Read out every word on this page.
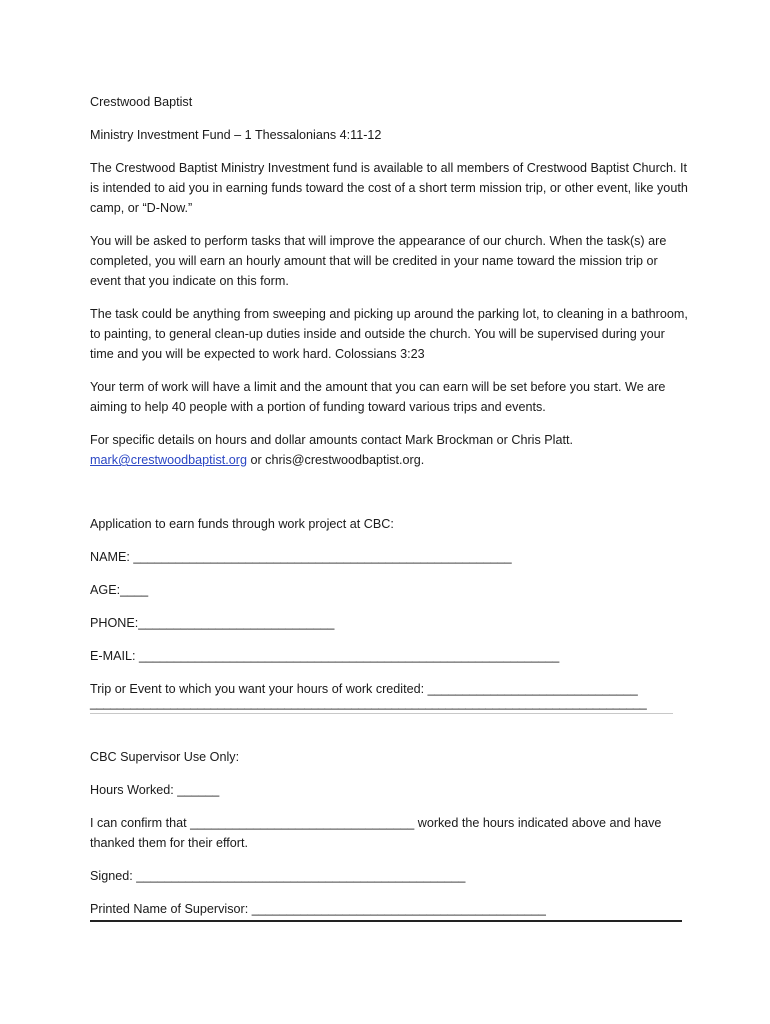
Crestwood Baptist

Ministry Investment Fund – 1 Thessalonians 4:11-12

The Crestwood Baptist Ministry Investment fund is available to all members of Crestwood Baptist Church. It is intended to aid you in earning funds toward the cost of a short term mission trip, or other event, like youth camp, or “D-Now.”

You will be asked to perform tasks that will improve the appearance of our church. When the task(s) are completed, you will earn an hourly amount that will be credited in your name toward the mission trip or event that you indicate on this form.

The task could be anything from sweeping and picking up around the parking lot, to cleaning in a bathroom, to painting, to general clean-up duties inside and outside the church. You will be supervised during your time and you will be expected to work hard. Colossians 3:23

Your term of work will have a limit and the amount that you can earn will be set before you start. We are aiming to help 40 people with a portion of funding toward various trips and events.

For specific details on hours and dollar amounts contact Mark Brockman or Chris Platt.
mark@crestwoodbaptist.org or chris@crestwoodbaptist.org.

Application to earn funds through work project at CBC:

NAME: ______________________________________________________

AGE:____

PHONE:____________________________

E-MAIL: ____________________________________________________________

Trip or Event to which you want your hours of work credited: ______________________________

___________________________________________________________________________________

CBC Supervisor Use Only:

Hours Worked: ______

I can confirm that ________________________________ worked the hours indicated above and have thanked them for their effort.

Signed: _______________________________________________

Printed Name of Supervisor: __________________________________________
